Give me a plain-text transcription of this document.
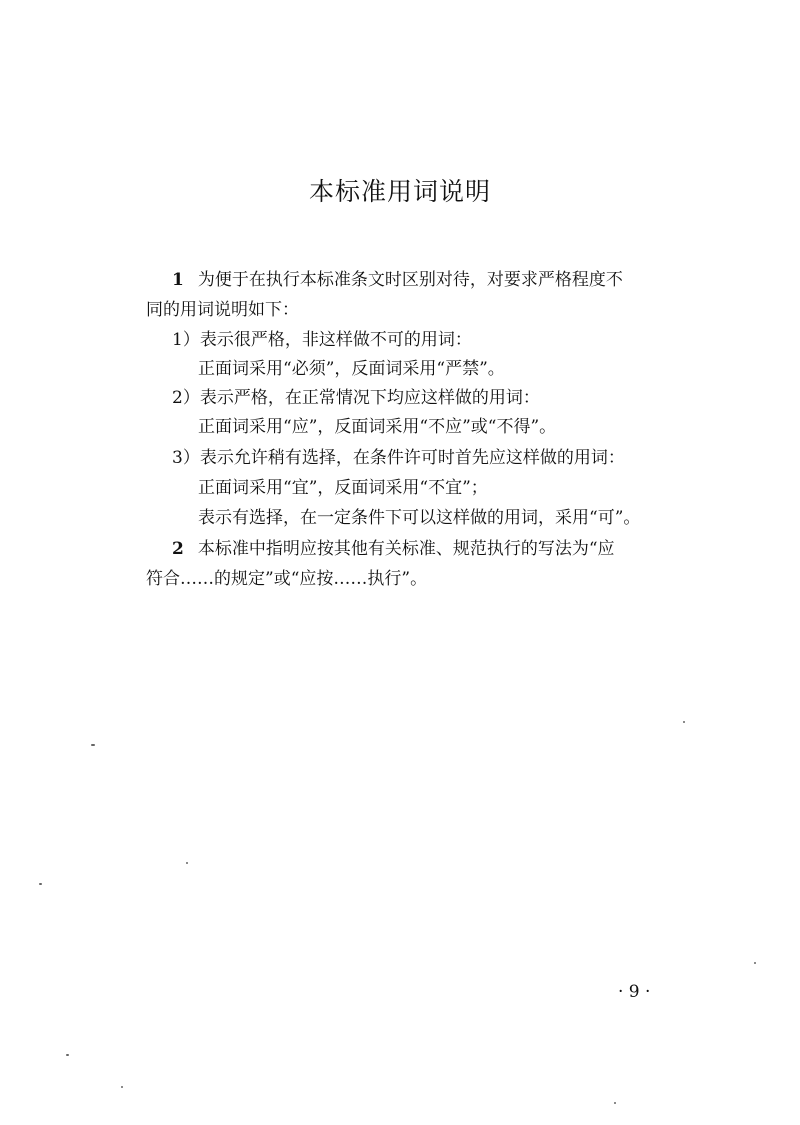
本标准用词说明
1 为便于在执行本标准条文时区别对待，对要求严格程度不
同的用词说明如下：
1）表示很严格，非这样做不可的用词：
正面词采用“必须”，反面词采用“严禁”。
2）表示严格，在正常情况下均应这样做的用词：
正面词采用“应”，反面词采用“不应”或“不得”。
3）表示允许稍有选择，在条件许可时首先应这样做的用词：
正面词采用“宜”，反面词采用“不宜”；
表示有选择，在一定条件下可以这样做的用词，采用“可”。
2 本标准中指明应按其他有关标准、规范执行的写法为“应
符合……的规定”或“应按……执行”。
· 9 ·
